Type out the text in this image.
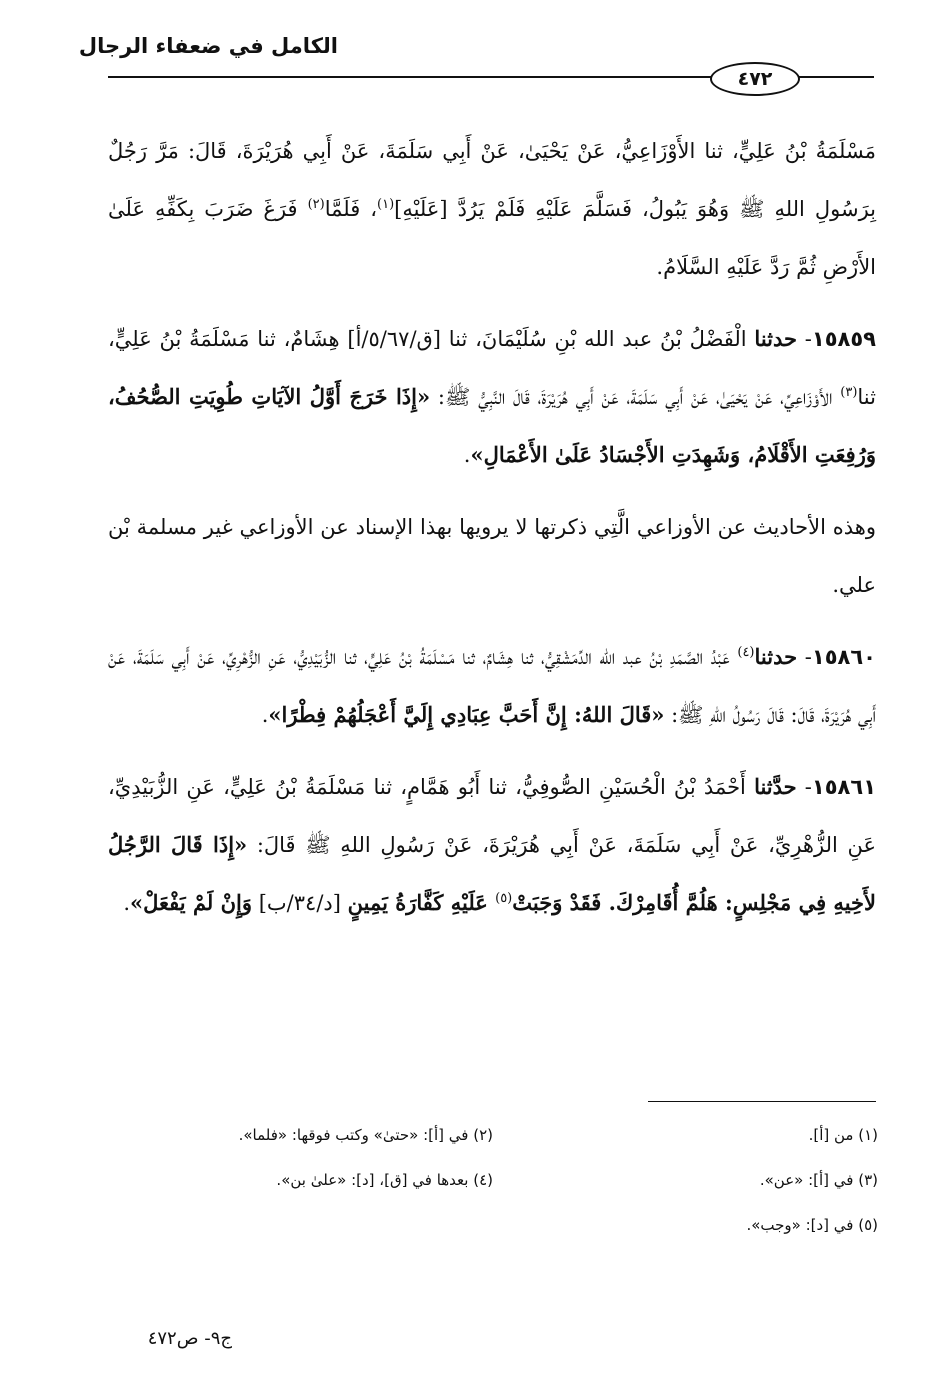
الكامل في ضعفاء الرجال
٤٧٢

مَسْلَمَةُ بْنُ عَلِيٍّ، ثنا الأَوْزَاعِيُّ، عَنْ يَحْيَىٰ، عَنْ أَبِي سَلَمَةَ، عَنْ أَبِي هُرَيْرَةَ، قَالَ: مَرَّ رَجُلٌ بِرَسُولِ اللهِ ﷺ وَهُوَ يَبُولُ، فَسَلَّمَ عَلَيْهِ فَلَمْ يَرُدَّ [عَلَيْهِ]$^{(١)}$، فَلَمَّا$^{(٢)}$ فَرَغَ ضَرَبَ بِكَفِّهِ عَلَىٰ الأَرْضِ ثُمَّ رَدَّ عَلَيْهِ السَّلَامُ.

١٥٨٥٩- حدثنا الْفَضْلُ بْنُ عبد الله بْنِ سُلَيْمَانَ، ثنا [ق/٥/٦٧/أ] هِشَامٌ، ثنا مَسْلَمَةُ بْنُ عَلِيٍّ، ثنا$^{(٣)}$ الأَوْزَاعِيِّ، عَنْ يَحْيَىٰ، عَنْ أَبِي سَلَمَةَ، عَنْ أَبِي هُرَيْرَةَ، قَالَ النَّبِيُّ ﷺ: «إِذَا خَرَجَ أَوَّلُ الآيَاتِ طُوِيَتِ الصُّحُفُ، وَرُفِعَتِ الأَقْلَامُ، وَشَهِدَتِ الأَجْسَادُ عَلَىٰ الأَعْمَالِ».

وهذه الأحاديث عن الأوزاعي الَّتِي ذكرتها لا يرويها بهذا الإسناد عن الأوزاعي غير مسلمة بْن علي.

١٥٨٦٠- حدثنا$^{(٤)}$ عَبْدُ الصَّمَدِ بْنُ عبد الله الدِّمَشْقِيُّ، ثنا هِشَامٌ، ثنا مَسْلَمَةُ بْنُ عَلِيٍّ، ثنا الزُّبَيْدِيُّ، عَنِ الزُّهْرِيِّ، عَنْ أَبِي سَلَمَةَ، عَنْ أَبِي هُرَيْرَةَ، قَالَ: قَالَ رَسُولُ اللهِ ﷺ: «قَالَ اللهُ: إِنَّ أَحَبَّ عِبَادِي إِلَيَّ أَعْجَلُهُمْ فِطْرًا».

١٥٨٦١- حدَّثنا أَحْمَدُ بْنُ الْحُسَيْنِ الصُّوفِيُّ، ثنا أَبُو هَمَّامٍ، ثنا مَسْلَمَةُ بْنُ عَلِيٍّ، عَنِ الزُّبَيْدِيِّ، عَنِ الزُّهْرِيِّ، عَنْ أَبِي سَلَمَةَ، عَنْ أَبِي هُرَيْرَةَ، عَنْ رَسُولِ اللهِ ﷺ قَالَ: «إِذَا قَالَ الرَّجُلُ لأَخِيهِ فِي مَجْلِسٍ: هَلُمَّ أُقَامِرْكَ. فَقَدْ وَجَبَتْ$^{(٥)}$ عَلَيْهِ كَفَّارَةُ يَمِينٍ [د/٣٤/ب] وَإِنْ لَمْ يَفْعَلْ».

(١) من [أ].
(٢) في [أ]: «حتىٰ» وكتب فوقها: «فلما».
(٣) في [أ]: «عن».
(٤) بعدها في [ق]، [د]: «علىٰ بن».
(٥) في [د]: «وجب».
ج٩- ص٤٧٢
